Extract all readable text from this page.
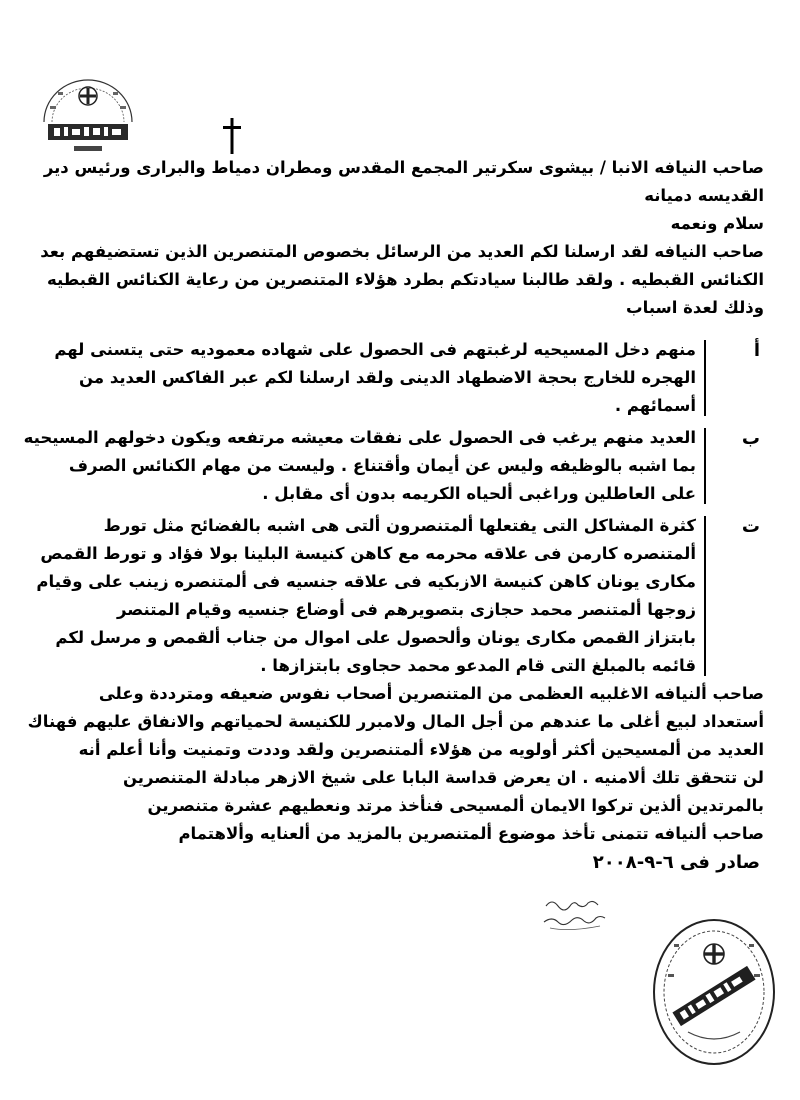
صاحب النيافه الانبا / بيشوى سكرتير المجمع المقدس ومطران دمياط والبرارى ورئيس دير

القديسه دميانه

سلام ونعمه

صاحب النيافه لقد ارسلنا لكم العديد من الرسائل بخصوص المتنصرين الذين تستضيفهم بعد

الكنائس القبطيه . ولقد طالبنا سيادتكم بطرد هؤلاء المتنصرين من رعاية الكنائس القبطيه

وذلك لعدة اسباب

أ

منهم دخل المسيحيه لرغبتهم فى الحصول على شهاده معموديه حتى يتسنى لهم

الهجره للخارج بحجة الاضطهاد الدينى ولقد ارسلنا لكم عبر الفاكس العديد من

أسمائهم .

ب

العديد منهم يرغب فى الحصول على نفقات معيشه مرتفعه ويكون دخولهم المسيحيه

بما اشبه بالوظيفه وليس عن أيمان وأقتناع . وليست من مهام الكنائس الصرف

على العاطلين وراغبى ألحياه الكريمه بدون أى مقابل .

ت

كثرة المشاكل التى يفتعلها ألمتنصرون ألتى هى اشبه بالفضائح مثل تورط

ألمتنصره كارمن فى علاقه محرمه مع كاهن كنيسة البلينا بولا فؤاد و تورط القمص

مكارى يونان كاهن كنيسة الازبكيه فى علاقه جنسيه فى ألمتنصره زينب على وقيام

زوجها ألمتنصر محمد حجازى بتصويرهم فى أوضاع جنسيه وقيام المتنصر

بابتزاز القمص مكارى يونان وألحصول على اموال من جناب ألقمص و مرسل لكم

قائمه بالمبلغ التى قام المدعو محمد حجاوى بابتزازها .

صاحب ألنيافه الاغلبيه العظمى من المتنصرين أصحاب نفوس ضعيفه ومترددة وعلى

أستعداد لبيع أغلى ما عندهم من أجل المال ولامبرر للكنيسة لحمياتهم والانفاق عليهم فهناك

العديد من ألمسيحين أكثر أولويه من هؤلاء ألمتنصرين ولقد وددت وتمنيت وأنا أعلم أنه

لن تتحقق تلك ألامنيه . ان يعرض قداسة البابا على شيخ الازهر مبادلة المتنصرين

بالمرتدين ألذين تركوا الايمان ألمسيحى فنأخذ مرتد ونعطيهم عشرة متنصرين

صاحب ألنيافه تتمنى تأخذ موضوع ألمتنصرين بالمزيد من ألعنايه وألاهتمام

صادر فى ٦-٩-٢٠٠٨
